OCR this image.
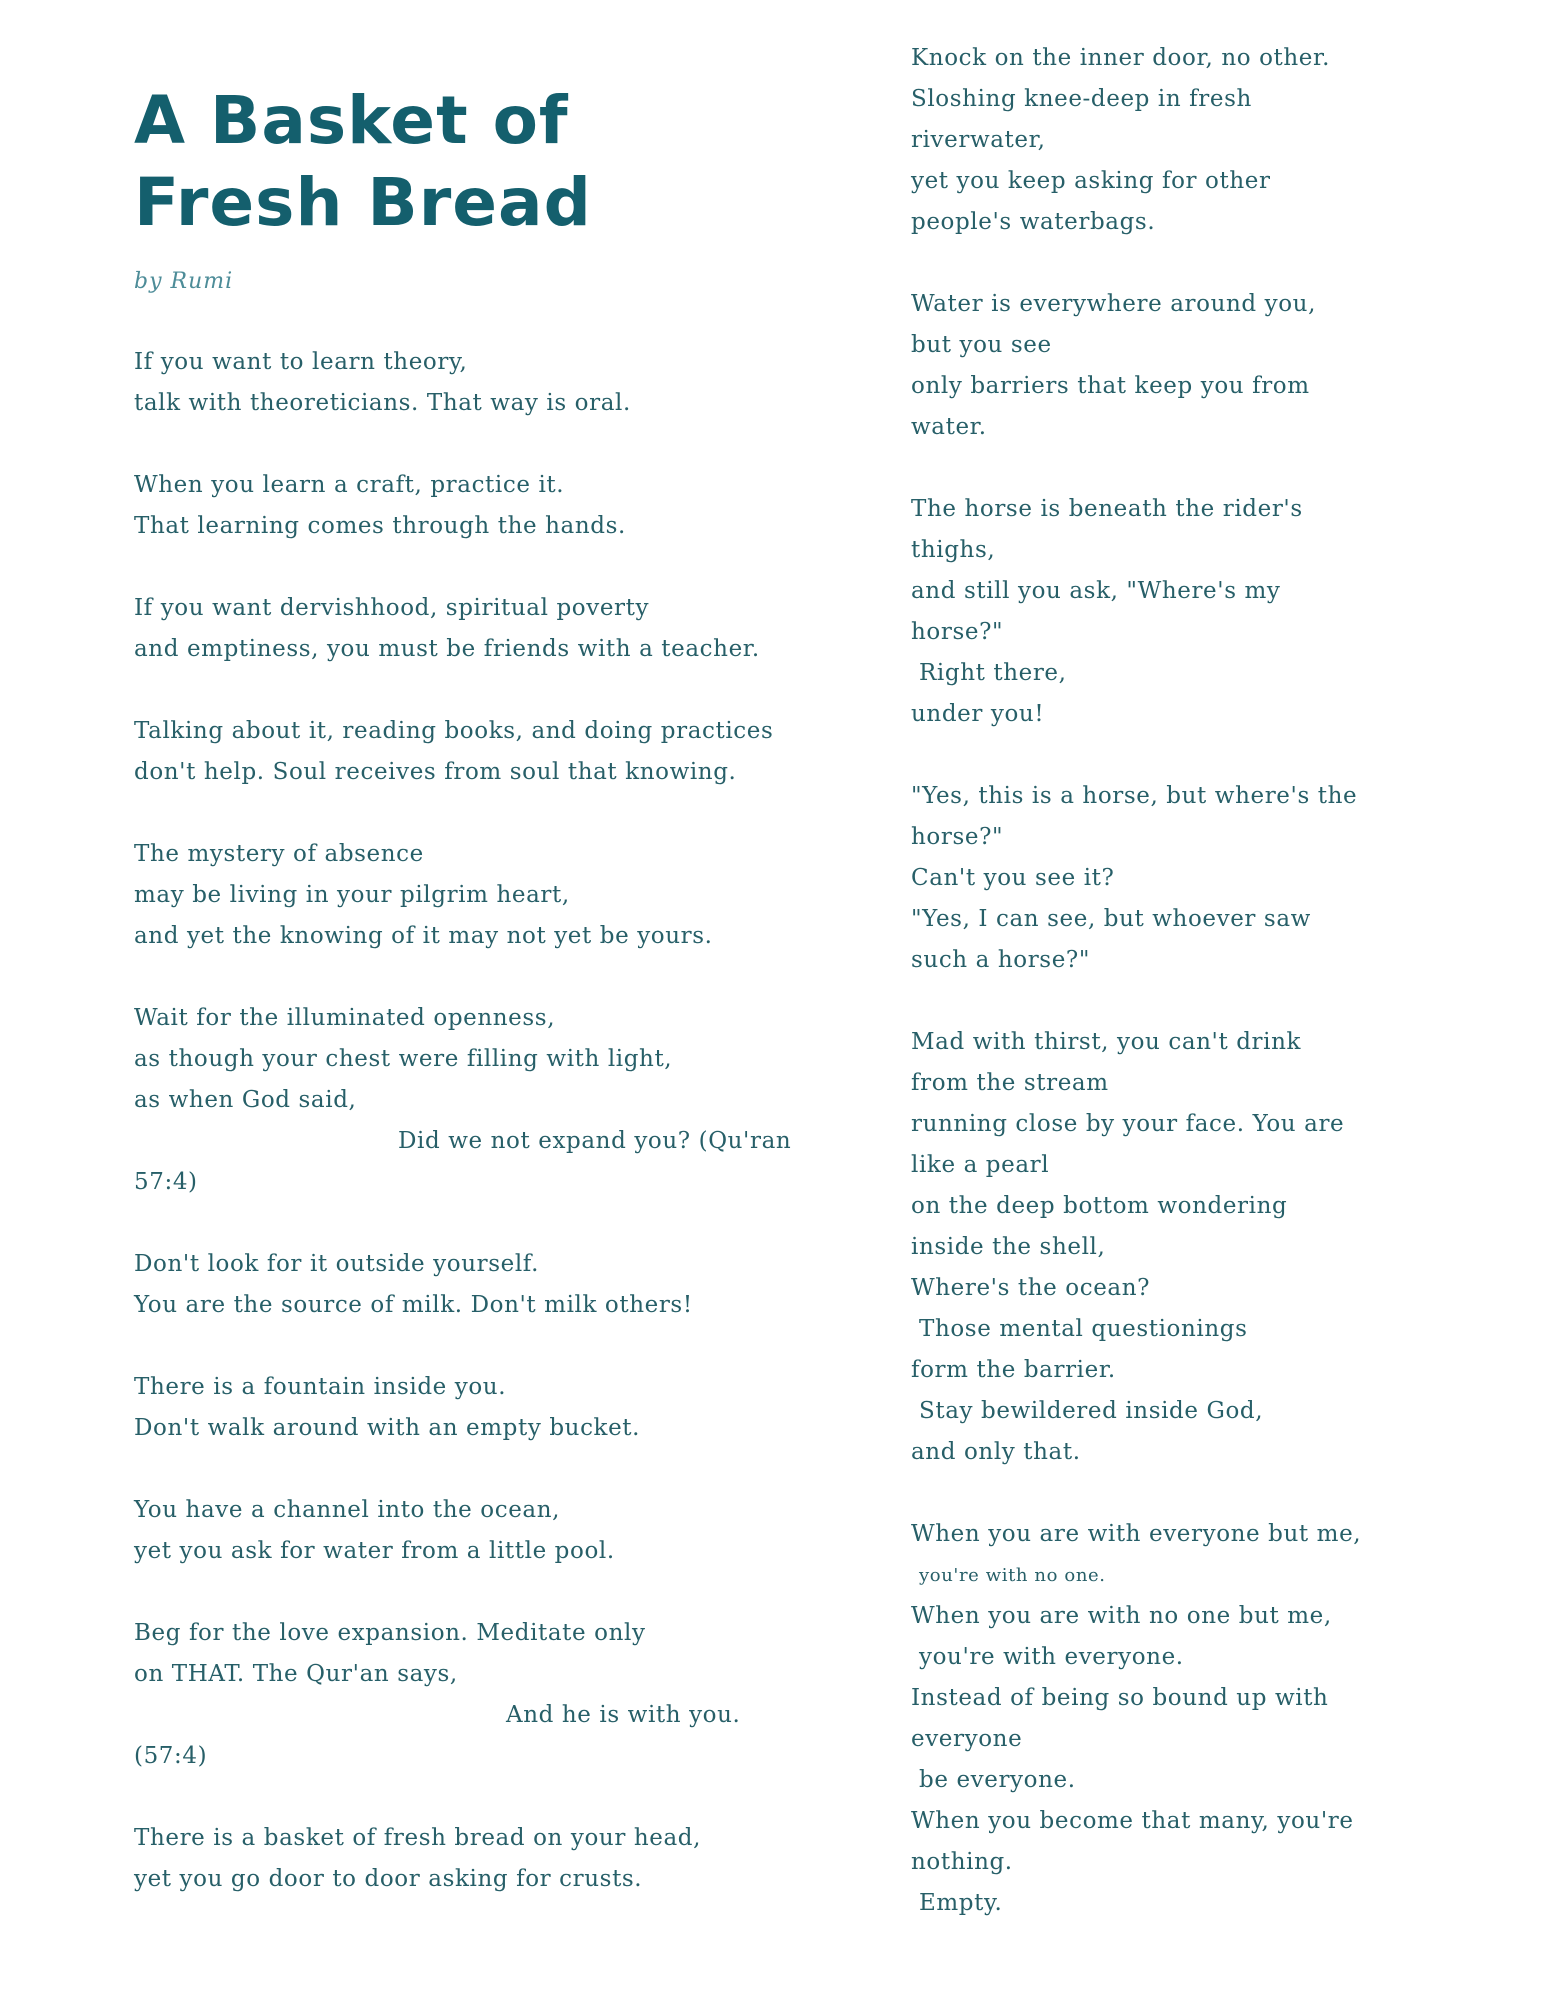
A Basket of Fresh Bread

by Rumi

If you want to learn theory,
talk with theoreticians. That way is oral.
When you learn a craft, practice it.
That learning comes through the hands.
If you want dervishhood, spiritual poverty
and emptiness, you must be friends with a teacher.
Talking about it, reading books, and doing practices
don't help. Soul receives from soul that knowing.
The mystery of absence
may be living in your pilgrim heart,
and yet the knowing of it may not yet be yours.
Wait for the illuminated openness,
as though your chest were filling with light,
as when God said,
Did we not expand you? (Qu'ran
57:4)
Don't look for it outside yourself.
You are the source of milk. Don't milk others!
There is a fountain inside you.
Don't walk around with an empty bucket.
You have a channel into the ocean,
yet you ask for water from a little pool.
Beg for the love expansion. Meditate only
on THAT. The Qur'an says,
And he is with you.
(57:4)
There is a basket of fresh bread on your head,
yet you go door to door asking for crusts.
Knock on the inner door, no other.
Sloshing knee-deep in fresh
riverwater,
yet you keep asking for other
people's waterbags.
Water is everywhere around you,
but you see
only barriers that keep you from
water.
The horse is beneath the rider's
thighs,
and still you ask, "Where's my
horse?"
Right there,
under you!
"Yes, this is a horse, but where's the
horse?"
Can't you see it?
"Yes, I can see, but whoever saw
such a horse?"
Mad with thirst, you can't drink
from the stream
running close by your face. You are
like a pearl
on the deep bottom wondering
inside the shell,
Where's the ocean?
Those mental questionings
form the barrier.
Stay bewildered inside God,
and only that.
When you are with everyone but me,
you're with no one.
When you are with no one but me,
you're with everyone.
Instead of being so bound up with
everyone
be everyone.
When you become that many, you're
nothing.
Empty.
